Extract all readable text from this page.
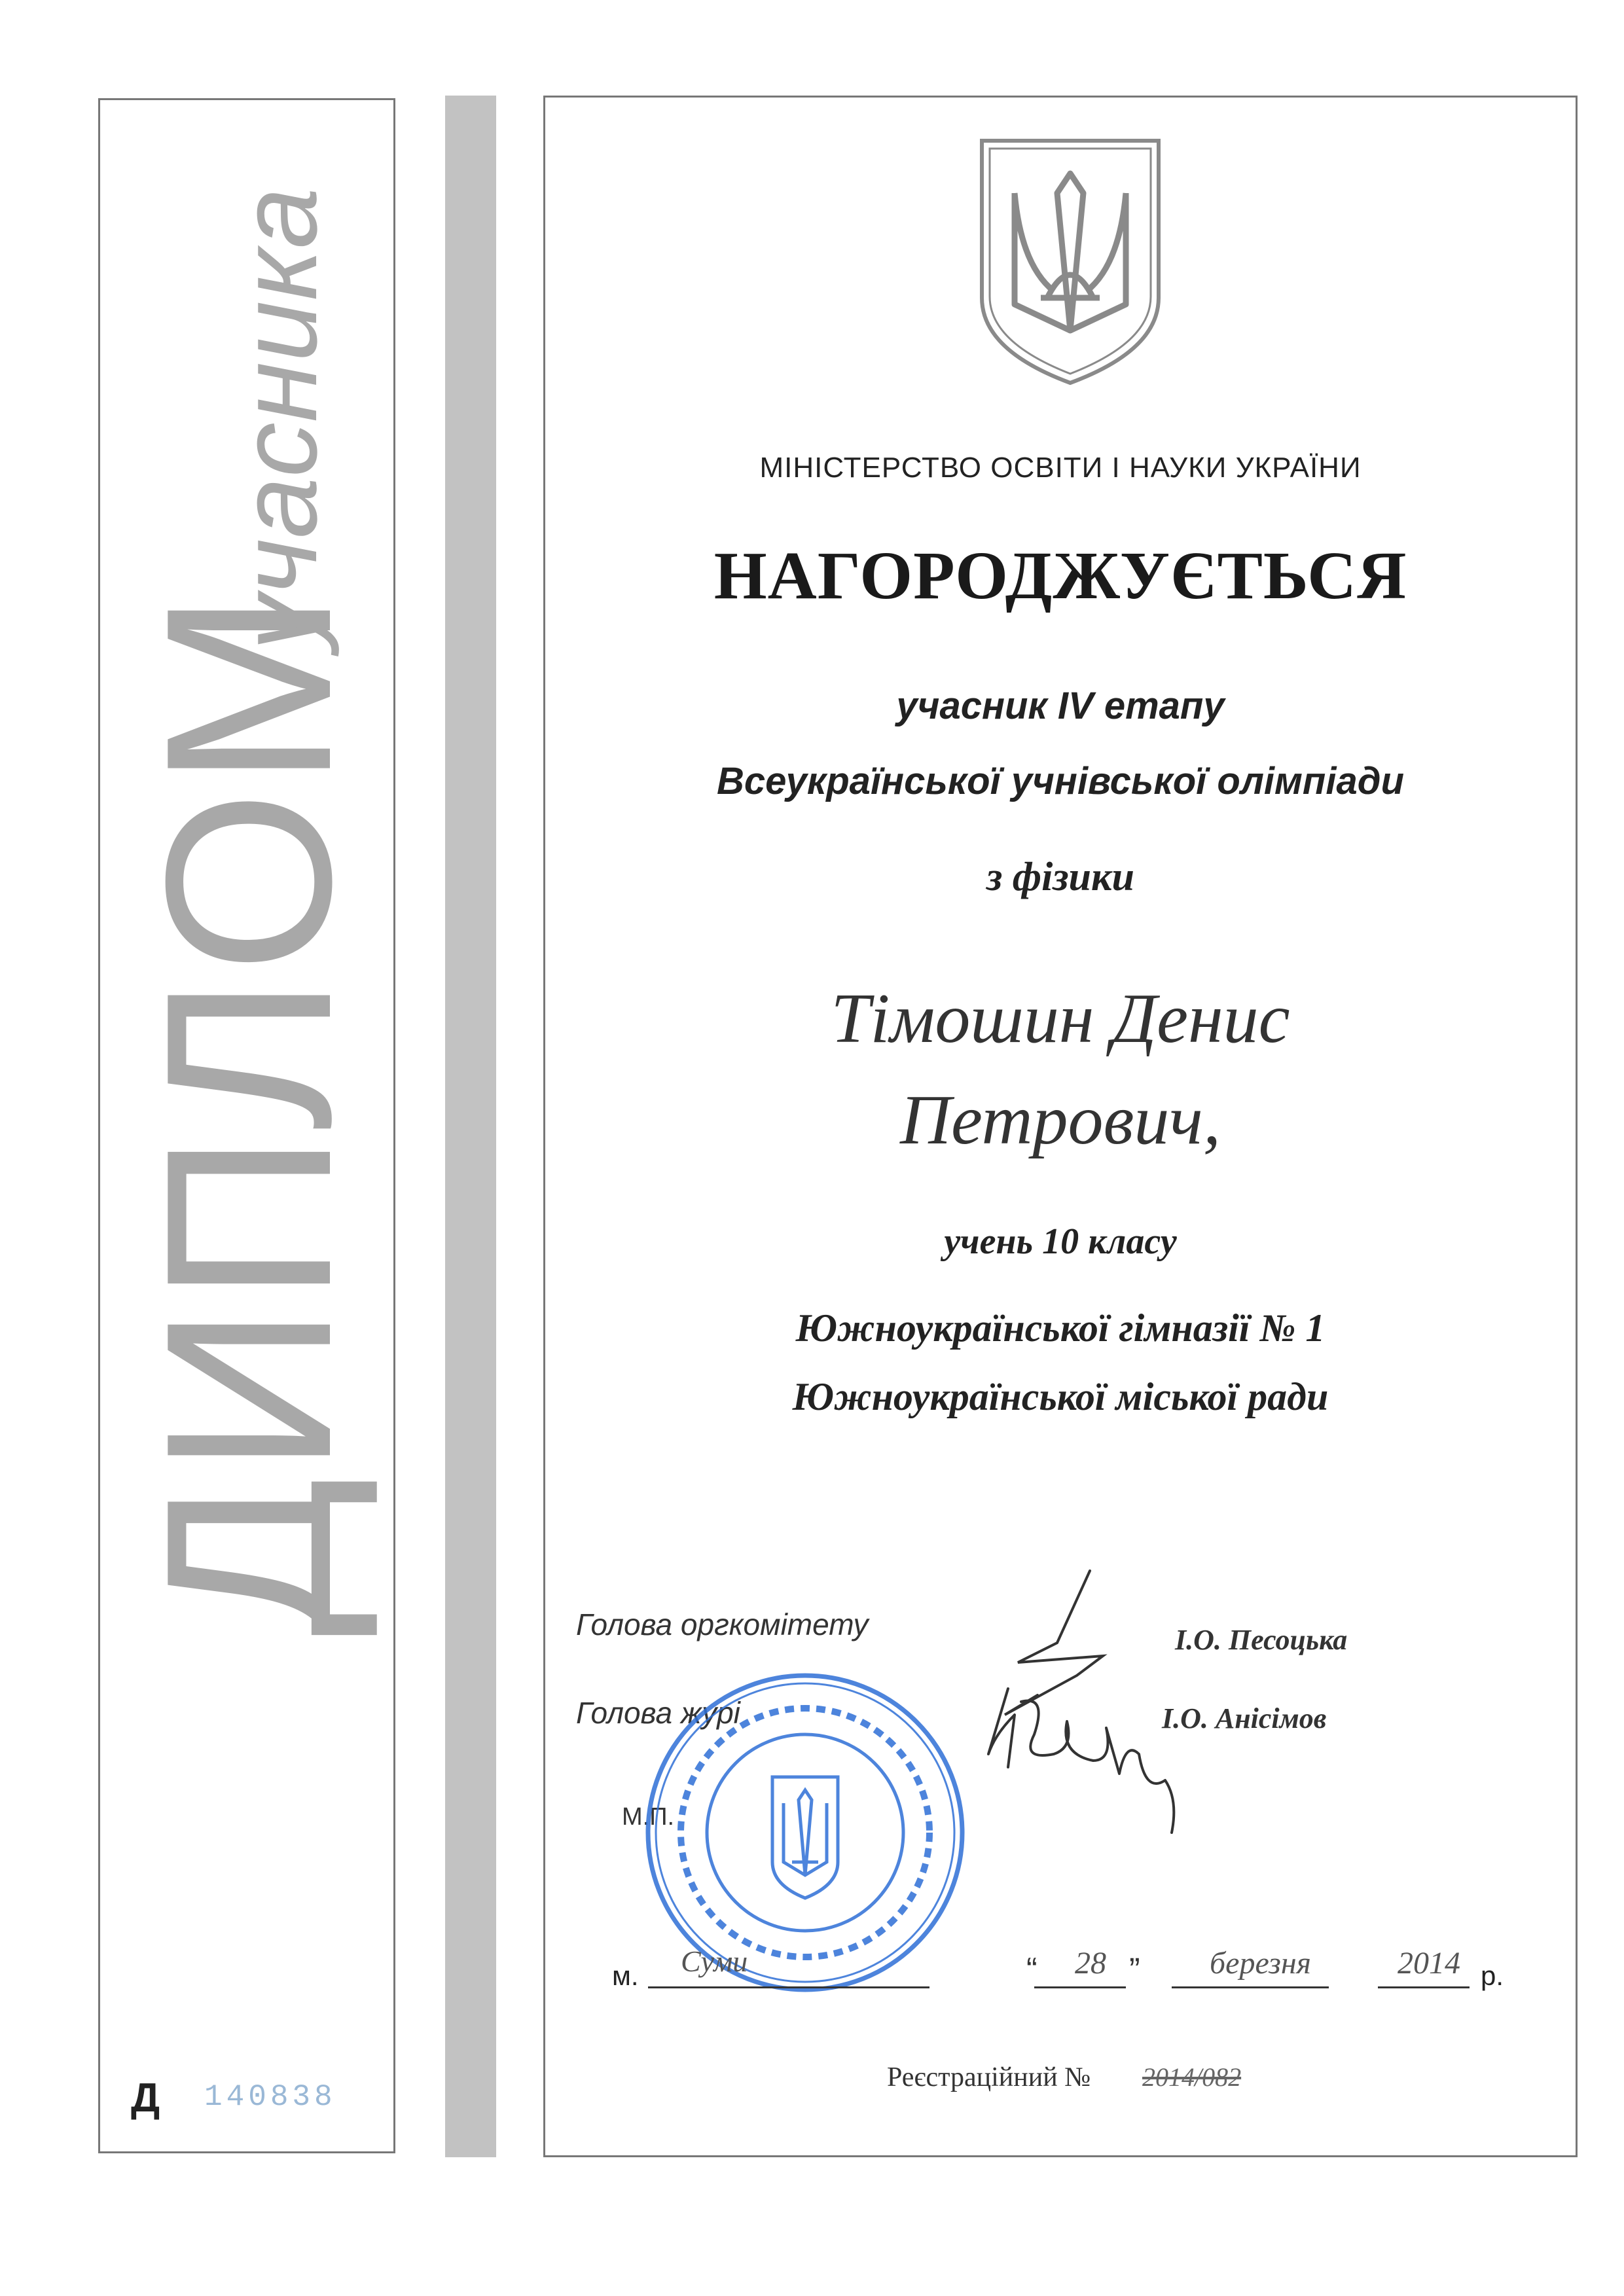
ДИПЛОМ
учасника
Д 140838
МІНІСТЕРСТВО ОСВІТИ І НАУКИ УКРАЇНИ
НАГОРОДЖУЄТЬСЯ
учасник IV етапу
Всеукраїнської учнівської олімпіади
з фізики
Тімошин Денис
Петрович,
учень 10 класу
Южноукраїнської гімназії № 1
Южноукраїнської міської ради
Голова оргкомітету	І.О. Песоцька
Голова журі	І.О. Анісімов
М.П.
м. Суми	“ 28 ” березня	2014 р.
Реєстраційний № 2014/082
